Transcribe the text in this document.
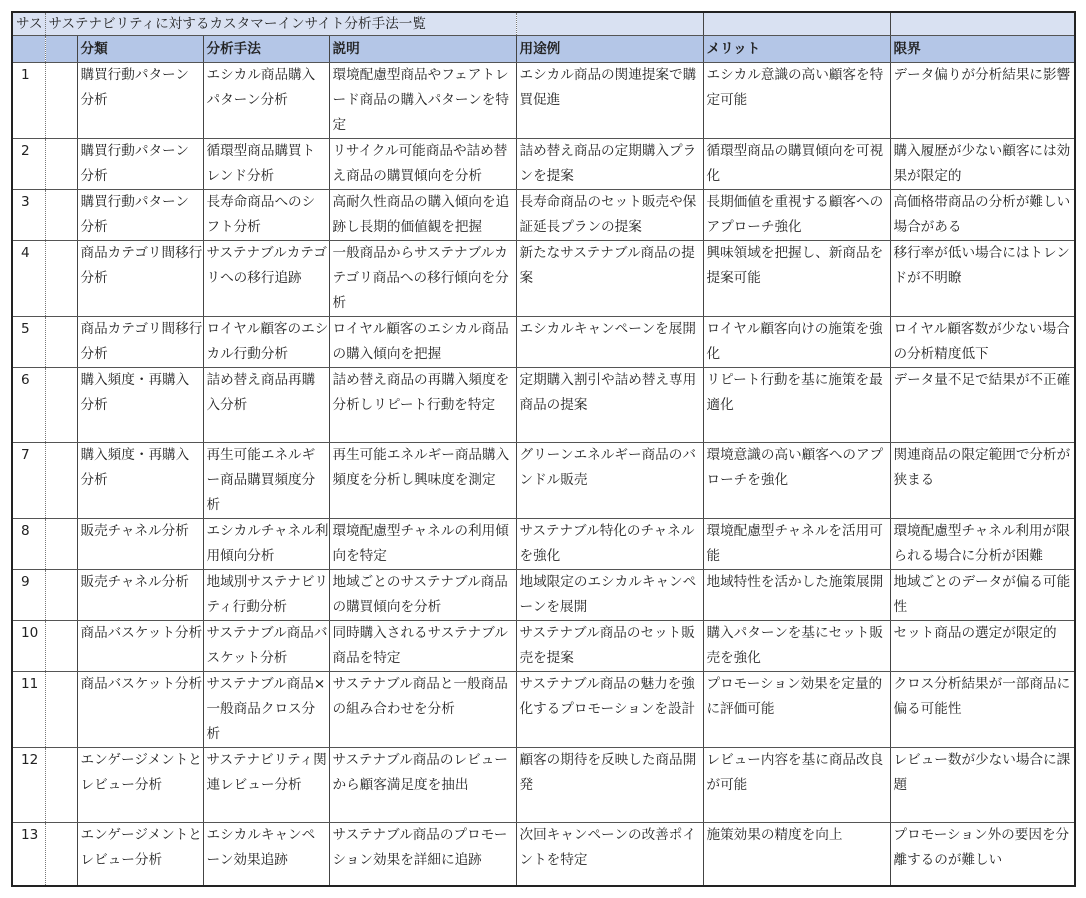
サス	サステナビリティに対するカスタマーインサイト分析手法一覧						
		分類	分析手法	説明	用途例	メリット	限界
1		購買行動パターン分析	エシカル商品購入パターン分析	環境配慮型商品やフェアトレード商品の購入パターンを特定	エシカル商品の関連提案で購買促進	エシカル意識の高い顧客を特定可能	データ偏りが分析結果に影響
2		購買行動パターン分析	循環型商品購買トレンド分析	リサイクル可能商品や詰め替え商品の購買傾向を分析	詰め替え商品の定期購入プランを提案	循環型商品の購買傾向を可視化	購入履歴が少ない顧客には効果が限定的
3		購買行動パターン分析	長寿命商品へのシフト分析	高耐久性商品の購入傾向を追跡し長期的価値観を把握	長寿命商品のセット販売や保証延長プランの提案	長期価値を重視する顧客へのアプローチ強化	高価格帯商品の分析が難しい場合がある
4		商品カテゴリ間移行分析	サステナブルカテゴリへの移行追跡	一般商品からサステナブルカテゴリ商品への移行傾向を分析	新たなサステナブル商品の提案	興味領域を把握し、新商品を提案可能	移行率が低い場合にはトレンドが不明瞭
5		商品カテゴリ間移行分析	ロイヤル顧客のエシカル行動分析	ロイヤル顧客のエシカル商品の購入傾向を把握	エシカルキャンペーンを展開	ロイヤル顧客向けの施策を強化	ロイヤル顧客数が少ない場合の分析精度低下
6		購入頻度・再購入分析	詰め替え商品再購入分析	詰め替え商品の再購入頻度を分析しリピート行動を特定	定期購入割引や詰め替え専用商品の提案	リピート行動を基に施策を最適化	データ量不足で結果が不正確
7		購入頻度・再購入分析	再生可能エネルギー商品購買頻度分析	再生可能エネルギー商品購入頻度を分析し興味度を測定	グリーンエネルギー商品のバンドル販売	環境意識の高い顧客へのアプローチを強化	関連商品の限定範囲で分析が狭まる
8		販売チャネル分析	エシカルチャネル利用傾向分析	環境配慮型チャネルの利用傾向を特定	サステナブル特化のチャネルを強化	環境配慮型チャネルを活用可能	環境配慮型チャネル利用が限られる場合に分析が困難
9		販売チャネル分析	地域別サステナビリティ行動分析	地域ごとのサステナブル商品の購買傾向を分析	地域限定のエシカルキャンペーンを展開	地域特性を活かした施策展開	地域ごとのデータが偏る可能性
10		商品バスケット分析	サステナブル商品バスケット分析	同時購入されるサステナブル商品を特定	サステナブル商品のセット販売を提案	購入パターンを基にセット販売を強化	セット商品の選定が限定的
11		商品バスケット分析	サステナブル商品×一般商品クロス分析	サステナブル商品と一般商品の組み合わせを分析	サステナブル商品の魅力を強化するプロモーションを設計	プロモーション効果を定量的に評価可能	クロス分析結果が一部商品に偏る可能性
12		エンゲージメントとレビュー分析	サステナビリティ関連レビュー分析	サステナブル商品のレビューから顧客満足度を抽出	顧客の期待を反映した商品開発	レビュー内容を基に商品改良が可能	レビュー数が少ない場合に課題
13		エンゲージメントとレビュー分析	エシカルキャンペーン効果追跡	サステナブル商品のプロモーション効果を詳細に追跡	次回キャンペーンの改善ポイントを特定	施策効果の精度を向上	プロモーション外の要因を分離するのが難しい
